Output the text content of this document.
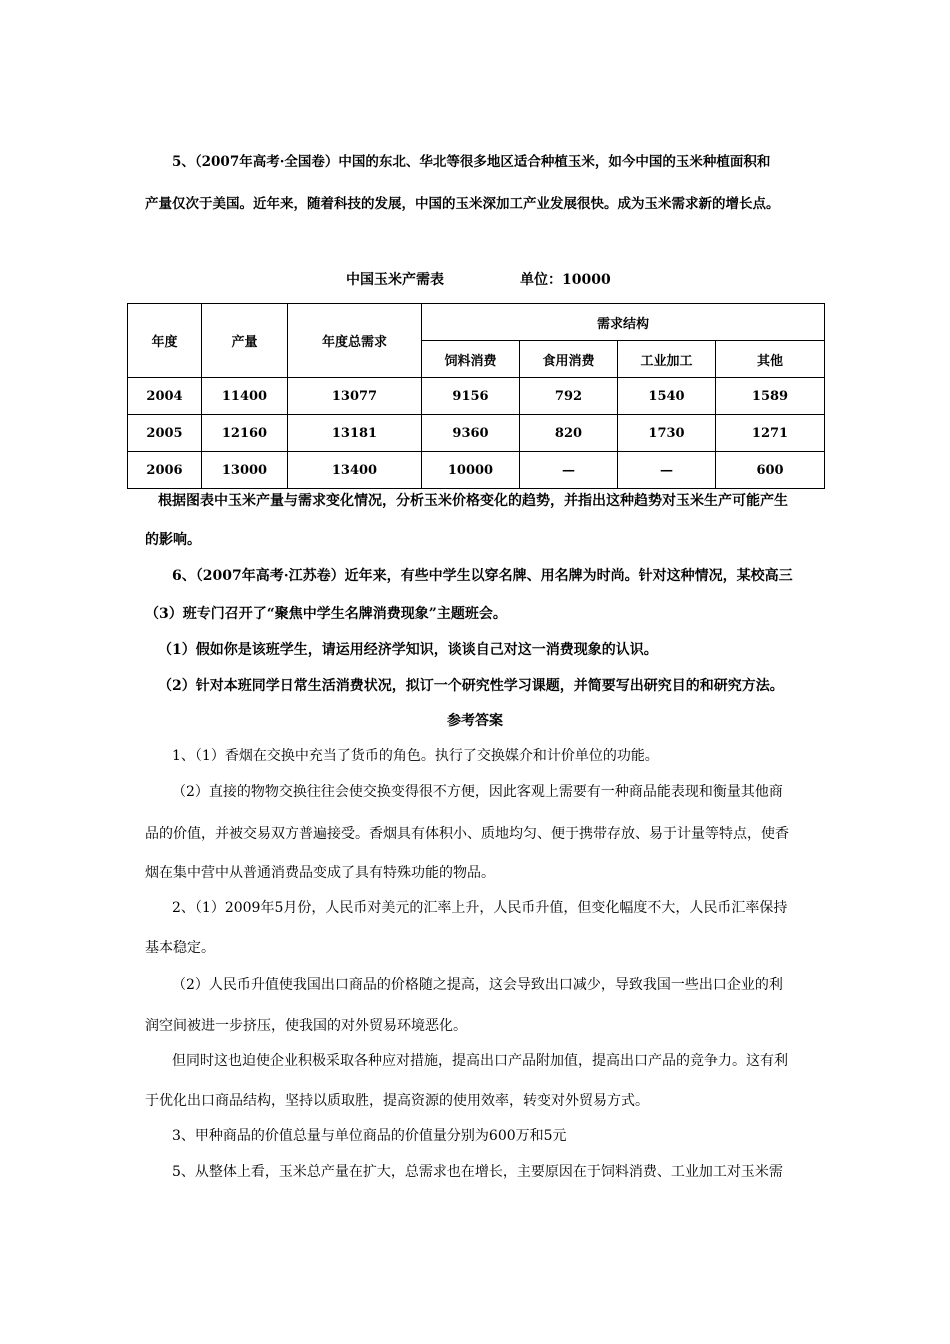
5、（2007年高考·全国卷）中国的东北、华北等很多地区适合种植玉米，如今中国的玉米种植面积和
产量仅次于美国。近年来，随着科技的发展，中国的玉米深加工产业发展很快。成为玉米需求新的增长点。
中国玉米产需表	单位：10000
年度	产量	年度总需求	需求结构			
			饲料消费	食用消费	工业加工	其他
2004	11400	13077	9156	792	1540	1589
2005	12160	13181	9360	820	1730	1271
2006	13000	13400	10000	—	—	600
根据图表中玉米产量与需求变化情况，分析玉米价格变化的趋势，并指出这种趋势对玉米生产可能产生
的影响。
6、（2007年高考·江苏卷）近年来，有些中学生以穿名牌、用名牌为时尚。针对这种情况，某校高三
（3）班专门召开了“聚焦中学生名牌消费现象”主题班会。
（1）假如你是该班学生，请运用经济学知识，谈谈自己对这一消费现象的认识。
（2）针对本班同学日常生活消费状况，拟订一个研究性学习课题，并简要写出研究目的和研究方法。
参考答案
1、（1）香烟在交换中充当了货币的角色。执行了交换媒介和计价单位的功能。
（2）直接的物物交换往往会使交换变得很不方便，因此客观上需要有一种商品能表现和衡量其他商
品的价值，并被交易双方普遍接受。香烟具有体积小、质地均匀、便于携带存放、易于计量等特点，使香
烟在集中营中从普通消费品变成了具有特殊功能的物品。
2、（1）2009年5月份，人民币对美元的汇率上升，人民币升值，但变化幅度不大，人民币汇率保持
基本稳定。
（2）人民币升值使我国出口商品的价格随之提高，这会导致出口减少，导致我国一些出口企业的利
润空间被进一步挤压，使我国的对外贸易环境恶化。
但同时这也迫使企业积极采取各种应对措施，提高出口产品附加值，提高出口产品的竞争力。这有利
于优化出口商品结构，坚持以质取胜，提高资源的使用效率，转变对外贸易方式。
3、甲种商品的价值总量与单位商品的价值量分别为600万和5元
5、从整体上看，玉米总产量在扩大，总需求也在增长，主要原因在于饲料消费、工业加工对玉米需
